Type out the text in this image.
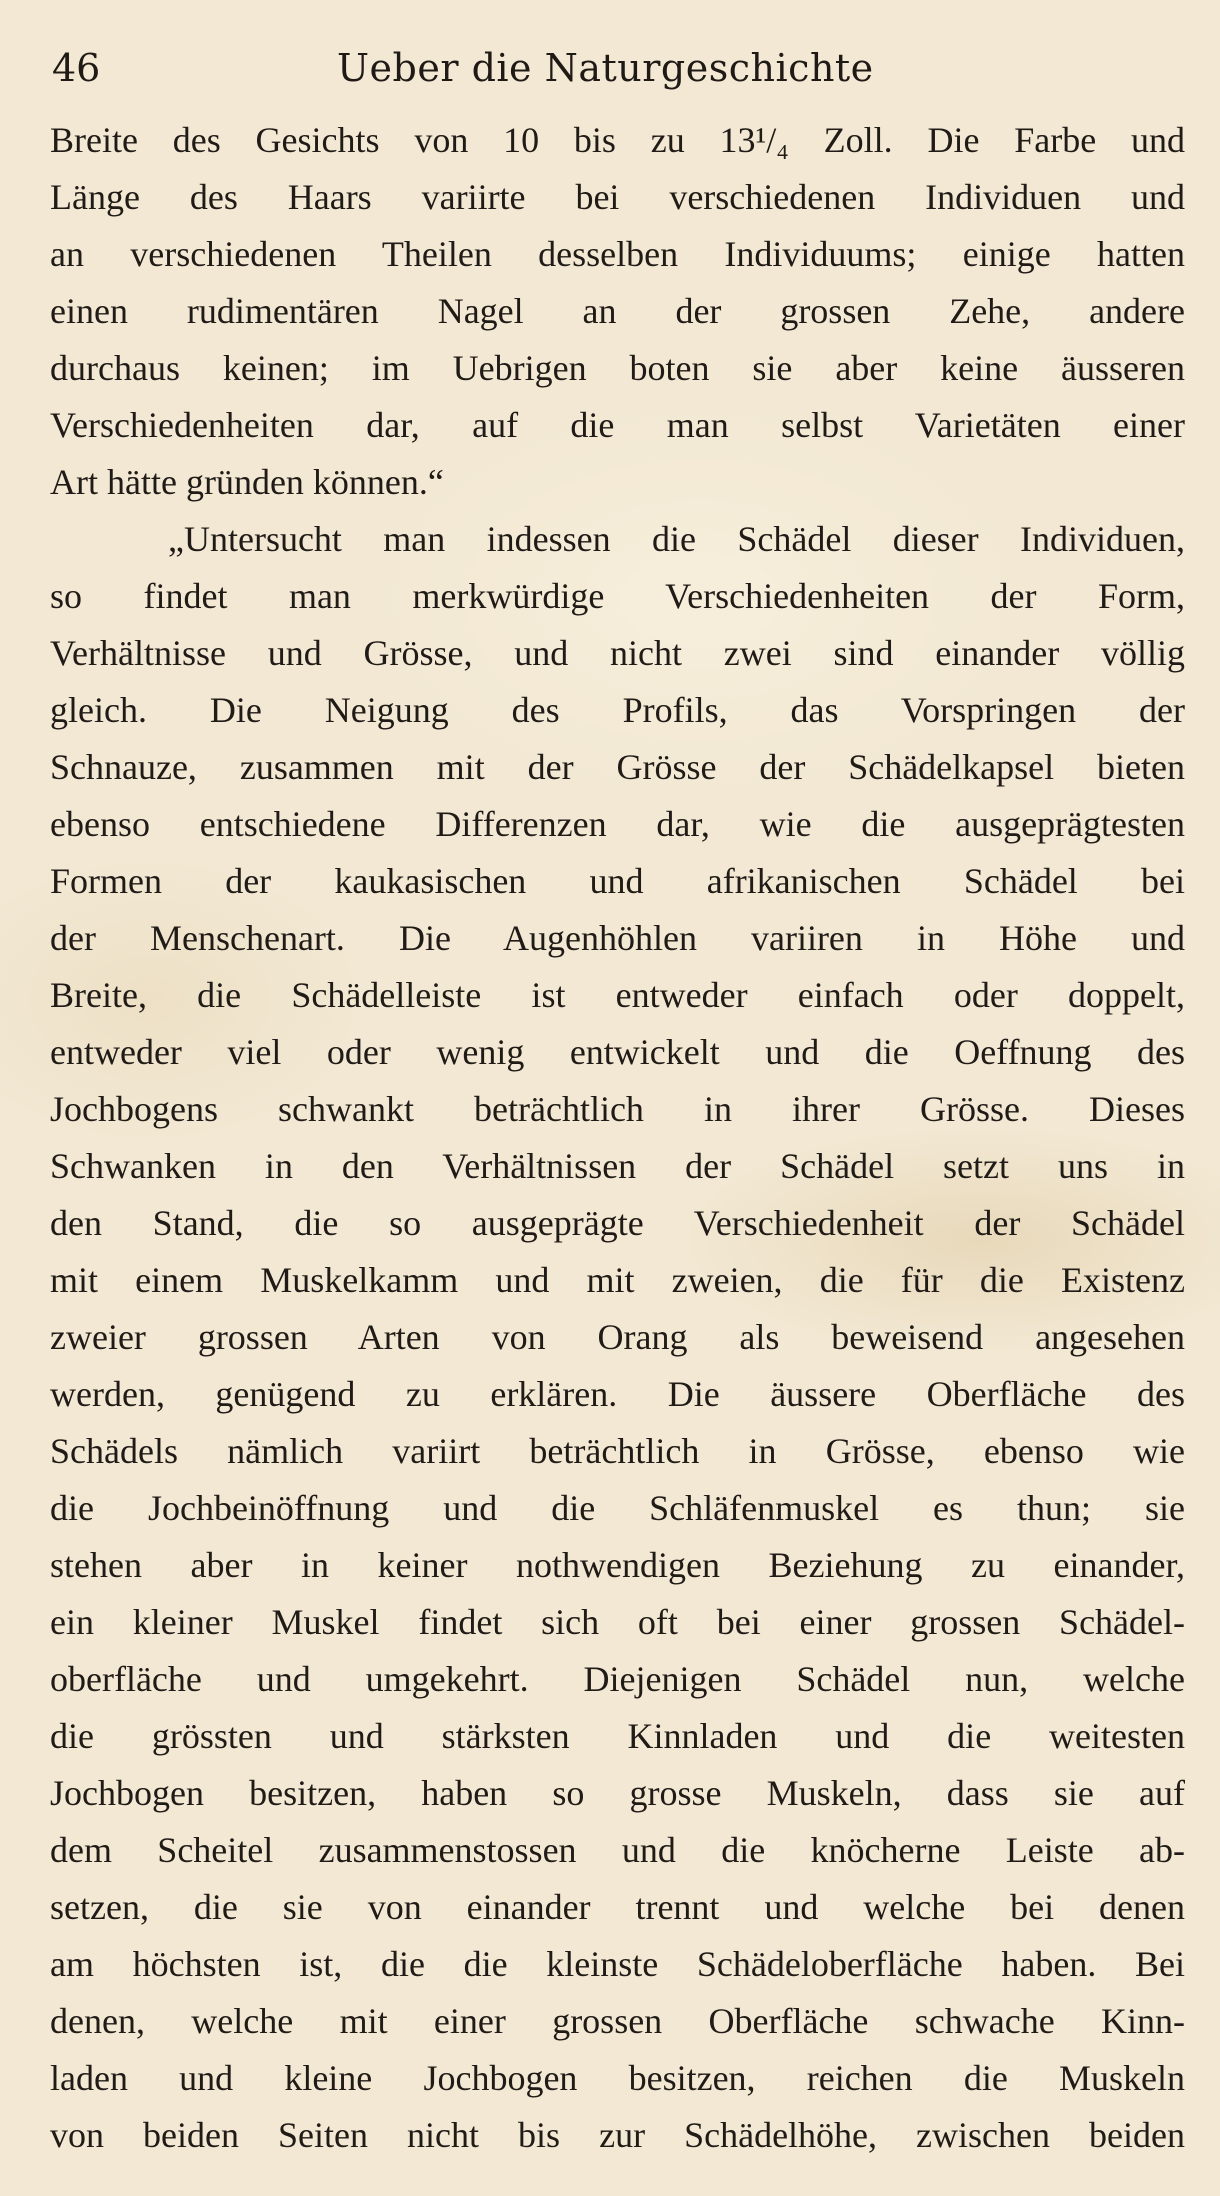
46	Ueber die Naturgeschichte
Breite des Gesichts von 10 bis zu 13¹/₄ Zoll. Die Farbe und
Länge des Haars variirte bei verschiedenen Individuen und
an verschiedenen Theilen desselben Individuums; einige hatten
einen rudimentären Nagel an der grossen Zehe, andere
durchaus keinen; im Uebrigen boten sie aber keine äusseren
Verschiedenheiten dar, auf die man selbst Varietäten einer
Art hätte gründen können.“
„Untersucht man indessen die Schädel dieser Individuen,
so findet man merkwürdige Verschiedenheiten der Form,
Verhältnisse und Grösse, und nicht zwei sind einander völlig
gleich. Die Neigung des Profils, das Vorspringen der
Schnauze, zusammen mit der Grösse der Schädelkapsel bieten
ebenso entschiedene Differenzen dar, wie die ausgeprägtesten
Formen der kaukasischen und afrikanischen Schädel bei
der Menschenart. Die Augenhöhlen variiren in Höhe und
Breite, die Schädelleiste ist entweder einfach oder doppelt,
entweder viel oder wenig entwickelt und die Oeffnung des
Jochbogens schwankt beträchtlich in ihrer Grösse. Dieses
Schwanken in den Verhältnissen der Schädel setzt uns in
den Stand, die so ausgeprägte Verschiedenheit der Schädel
mit einem Muskelkamm und mit zweien, die für die Existenz
zweier grossen Arten von Orang als beweisend angesehen
werden, genügend zu erklären. Die äussere Oberfläche des
Schädels nämlich variirt beträchtlich in Grösse, ebenso wie
die Jochbeinöffnung und die Schläfenmuskel es thun; sie
stehen aber in keiner nothwendigen Beziehung zu einander,
ein kleiner Muskel findet sich oft bei einer grossen Schädel-
oberfläche und umgekehrt. Diejenigen Schädel nun, welche
die grössten und stärksten Kinnladen und die weitesten
Jochbogen besitzen, haben so grosse Muskeln, dass sie auf
dem Scheitel zusammenstossen und die knöcherne Leiste ab-
setzen, die sie von einander trennt und welche bei denen
am höchsten ist, die die kleinste Schädeloberfläche haben. Bei
denen, welche mit einer grossen Oberfläche schwache Kinn-
laden und kleine Jochbogen besitzen, reichen die Muskeln
von beiden Seiten nicht bis zur Schädelhöhe, zwischen beiden
